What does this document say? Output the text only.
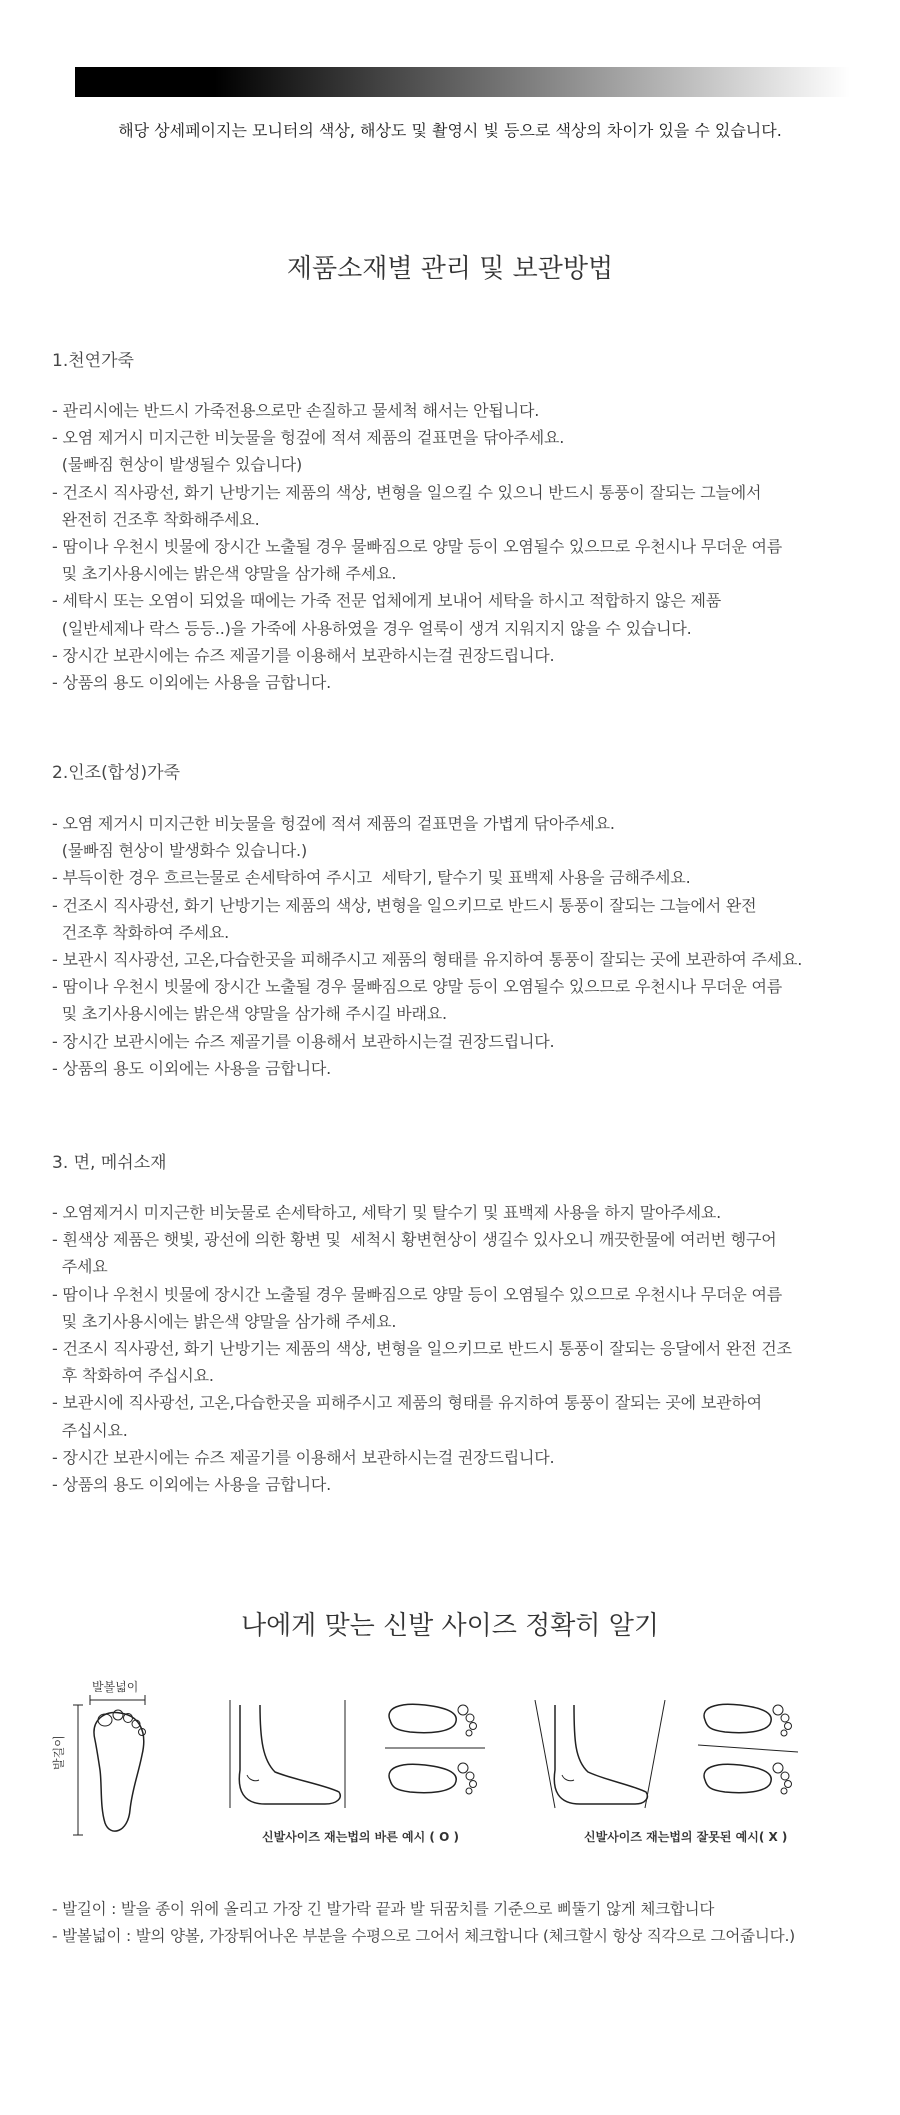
해당 상세페이지는 모니터의 색상, 해상도 및 촬영시 빛 등으로 색상의 차이가 있을 수 있습니다.
제품소재별 관리 및 보관방법
1.천연가죽
- 관리시에는 반드시 가죽전용으로만 손질하고 물세척 해서는 안됩니다.
- 오염 제거시 미지근한 비눗물을 헝겊에 적셔 제품의 겉표면을 닦아주세요.
(물빠짐 현상이 발생될수 있습니다)
- 건조시 직사광선, 화기 난방기는 제품의 색상, 변형을 일으킬 수 있으니 반드시 통풍이 잘되는 그늘에서
완전히 건조후 착화해주세요.
- 땀이나 우천시 빗물에 장시간 노출될 경우 물빠짐으로 양말 등이 오염될수 있으므로 우천시나 무더운 여름
및 초기사용시에는 밝은색 양말을 삼가해 주세요.
- 세탁시 또는 오염이 되었을 때에는 가죽 전문 업체에게 보내어 세탁을 하시고 적합하지 않은 제품
(일반세제나 락스 등등..)을 가죽에 사용하였을 경우 얼룩이 생겨 지워지지 않을 수 있습니다.
- 장시간 보관시에는 슈즈 제골기를 이용해서 보관하시는걸 권장드립니다.
- 상품의 용도 이외에는 사용을 금합니다.
2.인조(합성)가죽
- 오염 제거시 미지근한 비눗물을 헝겊에 적셔 제품의 겉표면을 가볍게 닦아주세요.
(물빠짐 현상이 발생화수 있습니다.)
- 부득이한 경우 흐르는물로 손세탁하여 주시고  세탁기, 탈수기 및 표백제 사용을 금해주세요.
- 건조시 직사광선, 화기 난방기는 제품의 색상, 변형을 일으키므로 반드시 통풍이 잘되는 그늘에서 완전
건조후 착화하여 주세요.
- 보관시 직사광선, 고온,다습한곳을 피해주시고 제품의 형태를 유지하여 통풍이 잘되는 곳에 보관하여 주세요.
- 땀이나 우천시 빗물에 장시간 노출될 경우 물빠짐으로 양말 등이 오염될수 있으므로 우천시나 무더운 여름
및 초기사용시에는 밝은색 양말을 삼가해 주시길 바래요.
- 장시간 보관시에는 슈즈 제골기를 이용해서 보관하시는걸 권장드립니다.
- 상품의 용도 이외에는 사용을 금합니다.
3. 면, 메쉬소재
- 오염제거시 미지근한 비눗물로 손세탁하고, 세탁기 및 탈수기 및 표백제 사용을 하지 말아주세요.
- 흰색상 제품은 햇빛, 광선에 의한 황변 및  세척시 황변현상이 생길수 있사오니 깨끗한물에 여러번 헹구어
주세요
- 땀이나 우천시 빗물에 장시간 노출될 경우 물빠짐으로 양말 등이 오염될수 있으므로 우천시나 무더운 여름
및 초기사용시에는 밝은색 양말을 삼가해 주세요.
- 건조시 직사광선, 화기 난방기는 제품의 색상, 변형을 일으키므로 반드시 통풍이 잘되는 응달에서 완전 건조
후 착화하여 주십시요.
- 보관시에 직사광선, 고온,다습한곳을 피해주시고 제품의 형태를 유지하여 통풍이 잘되는 곳에 보관하여
주십시요.
- 장시간 보관시에는 슈즈 제골기를 이용해서 보관하시는걸 권장드립니다.
- 상품의 용도 이외에는 사용을 금합니다.
나에게 맞는 신발 사이즈 정확히 알기
발볼넓이
발길이
신발사이즈 재는법의 바른 예시 ( O )	신발사이즈 재는법의 잘못된 예시( X )
- 발길이 : 발을 종이 위에 올리고 가장 긴 발가락 끝과 발 뒤꿈치를 기준으로 삐뚤기 않게 체크합니다
- 발볼넓이 : 발의 양볼, 가장튀어나온 부분을 수평으로 그어서 체크합니다 (체크할시 항상 직각으로 그어줍니다.)
